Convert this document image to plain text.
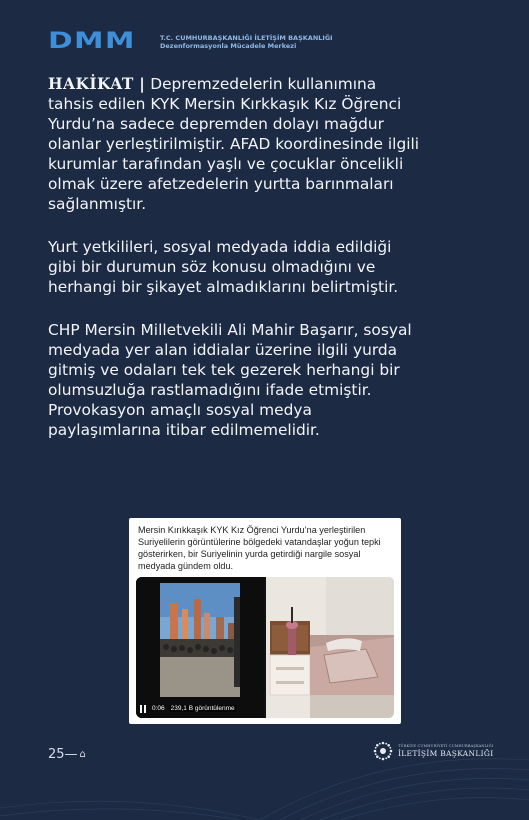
DMM	T.C. CUMHURBAŞKANLIĞI İLETİŞİM BAŞKANLIĞI
Dezenformasyonla Mücadele Merkezi

HAKİKAT | Depremzedelerin kullanımına tahsis edilen KYK Mersin Kırkkaşık Kız Öğrenci Yurdu’na sadece depremden dolayı mağdur olanlar yerleştirilmiştir. AFAD koordinesinde ilgili kurumlar tarafından yaşlı ve çocuklar öncelikli olmak üzere afetzedelerin yurtta barınmaları sağlanmıştır.

Yurt yetkilileri, sosyal medyada iddia edildiği gibi bir durumun söz konusu olmadığını ve herhangi bir şikayet almadıklarını belirtmiştir.

CHP Mersin Milletvekili Ali Mahir Başarır, sosyal medyada yer alan iddialar üzerine ilgili yurda gitmiş ve odaları tek tek gezerek herhangi bir olumsuzluğa rastlamadığını ifade etmiştir. Provokasyon amaçlı sosyal medya paylaşımlarına itibar edilmemelidir.

Mersin Kırıkkaşık KYK Kız Öğrenci Yurdu’na yerleştirilen Suriyelilerin görüntülerine bölgedeki vatandaşlar yoğun tepki gösterirken, bir Suriyelinin yurda getirdiği nargile sosyal medyada gündem oldu.
0:06 239,1 B görüntülenme
25 — ⌂
TÜRKİYE CUMHURİYETİ CUMHURBAŞKANLIĞI
İLETİŞİM BAŞKANLIĞI
